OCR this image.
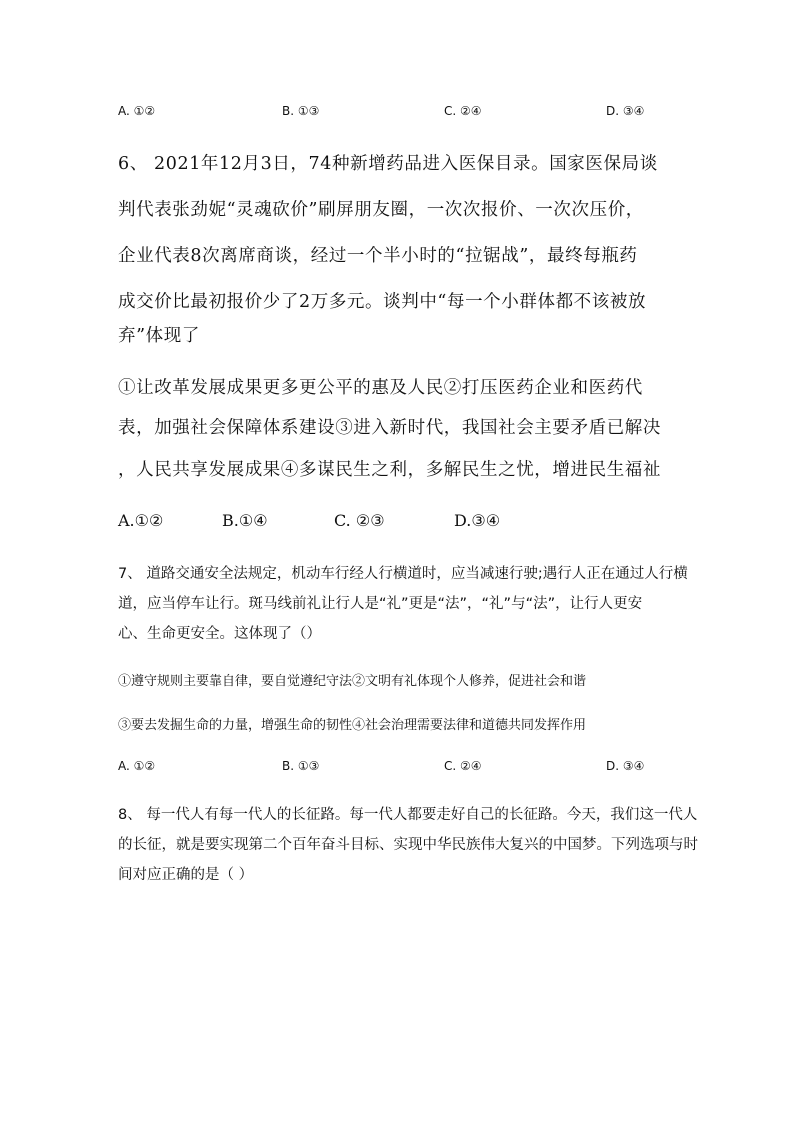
A. ①②	B. ①③	C. ②④	D. ③④
6、 2021年12月3日，74种新增药品进入医保目录。国家医保局谈
判代表张劲妮“灵魂砍价”刷屏朋友圈，一次次报价、一次次压价，
企业代表8次离席商谈，经过一个半小时的“拉锯战”，最终每瓶药
成交价比最初报价少了2万多元。谈判中“每一个小群体都不该被放
弃”体现了
①让改革发展成果更多更公平的惠及人民②打压医药企业和医药代
表，加强社会保障体系建设③进入新时代，我国社会主要矛盾已解决
，人民共享发展成果④多谋民生之利，多解民生之忧，增进民生福祉
A.①②	B.①④	C. ②③	D.③④
7、 道路交通安全法规定，机动车行经人行横道时，应当减速行驶;遇行人正在通过人行横
道，应当停车让行。斑马线前礼让行人是“礼”更是“法”，“礼”与“法”，让行人更安
心、生命更安全。这体现了（）
①遵守规则主要靠自律，要自觉遵纪守法②文明有礼体现个人修养，促进社会和谐
③要去发掘生命的力量，增强生命的韧性④社会治理需要法律和道德共同发挥作用
A. ①②	B. ①③	C. ②④	D. ③④
8、 每一代人有每一代人的长征路。每一代人都要走好自己的长征路。今天，我们这一代人
的长征，就是要实现第二个百年奋斗目标、实现中华民族伟大复兴的中国梦。下列选项与时
间对应正确的是（ ）
